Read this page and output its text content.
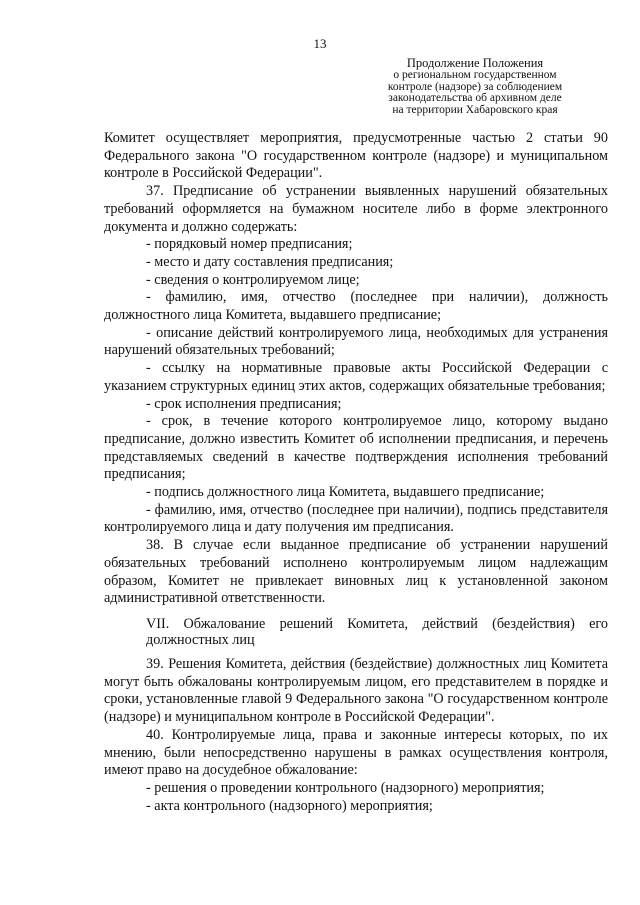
13
Продолжение Положения
о региональном государственном
контроле (надзоре) за соблюдением
законодательства об архивном деле
на территории Хабаровского края

Комитет осуществляет мероприятия, предусмотренные частью 2 статьи 90 Федерального закона "О государственном контроле (надзоре) и муниципальном контроле в Российской Федерации".

37. Предписание об устранении выявленных нарушений обязательных требований оформляется на бумажном носителе либо в форме электронного документа и должно содержать:

- порядковый номер предписания;

- место и дату составления предписания;

- сведения о контролируемом лице;

- фамилию, имя, отчество (последнее при наличии), должность должностного лица Комитета, выдавшего предписание;

- описание действий контролируемого лица, необходимых для устранения нарушений обязательных требований;

- ссылку на нормативные правовые акты Российской Федерации с указанием структурных единиц этих актов, содержащих обязательные требования;

- срок исполнения предписания;

- срок, в течение которого контролируемое лицо, которому выдано предписание, должно известить Комитет об исполнении предписания, и перечень представляемых сведений в качестве подтверждения исполнения требований предписания;

- подпись должностного лица Комитета, выдавшего предписание;

- фамилию, имя, отчество (последнее при наличии), подпись представителя контролируемого лица и дату получения им предписания.

38. В случае если выданное предписание об устранении нарушений обязательных требований исполнено контролируемым лицом надлежащим образом, Комитет не привлекает виновных лиц к установленной законом административной ответственности.

VII. Обжалование решений Комитета, действий (бездействия) его должностных лиц

39. Решения Комитета, действия (бездействие) должностных лиц Комитета могут быть обжалованы контролируемым лицом, его представителем в порядке и сроки, установленные главой 9 Федерального закона "О государственном контроле (надзоре) и муниципальном контроле в Российской Федерации".

40. Контролируемые лица, права и законные интересы которых, по их мнению, были непосредственно нарушены в рамках осуществления контроля, имеют право на досудебное обжалование:

- решения о проведении контрольного (надзорного) мероприятия;

- акта контрольного (надзорного) мероприятия;
